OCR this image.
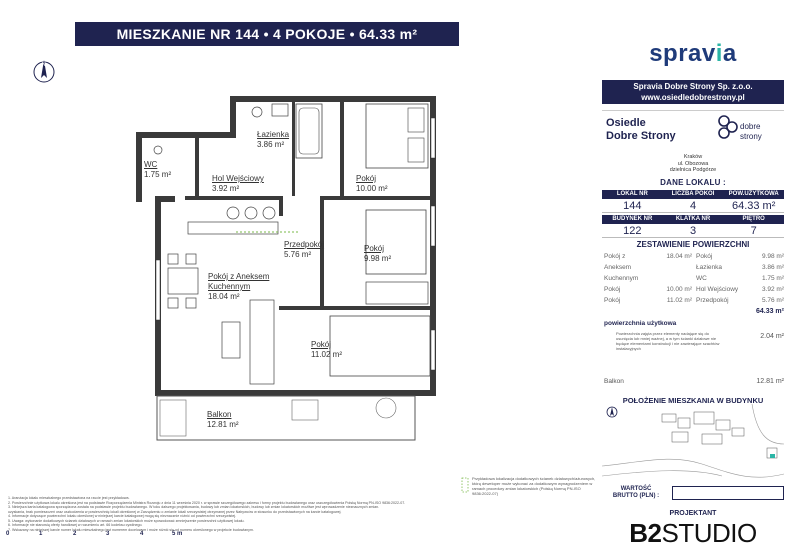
MIESZKANIE NR 144 • 4 POKOJE • 64.33 m²
N
Łazienka
3.86 m²
WC
1.75 m²	Hol Wejściowy
3.92 m²
Pokój
10.00 m²
Przedpokój
5.76 m²
Pokój
9.98 m²
Pokój z Aneksem
Kuchennym
18.04 m²
Pokój
11.02 m²
Balkon
12.81 m²
0	1	2	3	4	5 m
Przykładowa lokalizacja dodatkowych ścianek działowych/ażurowych, którą deweloper może wykonać za dodatkowym wynagrodzeniem w ramach procedury zmian lokatorskich (Polską Normą PN-ISO 9836:2022-07)
1. Aranżacja lokalu mieszkalnego przedstawiona na rzucie jest przykładowa.
2. Powierzchnie użytkowa lokalu określona jest na podstawie Rozporządzenia Ministra Rozwoju z dnia 11 września 2020 r. w sprawie szczegółowego zakresu i formy projektu budowlanego oraz uszczegółowienia Polską Normą PN-ISO 9836:2022-07.
3. Niniejsza karta katalogowa sporządzona została na podstawie projektu budowlanego. W toku dalszego projektowania, budowy lub zmian lokatorskich, budowy lub zmian lokatorskich możliwe jest wprowadzenie nieznacznych zmian.
uzyskania, brak pomieszczeń oraz uszkodzenia w powierzchnię lokali określonej w Zarządzeniu o zmianie lokali rzeczywistej otrzymanej przez Nabywców w stosunku do przedstawionych na karcie katalogowej.
4. Informacje dotyczące powierzchni lokalu określonej w niniejszej karcie katalogowej mogą się nieznacznie różnić od powierzchni rzeczywistej.
5. Uwaga: wykonanie dodatkowych ścianek działowych w ramach zmian lokatorskich może spowodować zmniejszenie powierzchni użytkowej lokalu.
6. Informacje nie stanowią oferty handlowej w rozumieniu art. 66 kodeksu cywilnego.
7. Wskazany na niniejszej karcie numer lokalu mieszkalnego jest numerem docelowym i może różnić się od numeru określonego w projekcie budowlanym.
spravia
Spravia Dobre Strony Sp. z.o.o.
www.osiedledobrestrony.pl
Osiedle
Dobre Strony
dobre
strony
Kraków
ul. Obozowa
dzielnica Podgórze
DANE LOKALU :
LOKAL NR
144
LICZBA POKOI
4
POW.UŻYTKOWA
64.33 m²
BUDYNEK NR
122
KLATKA NR
3
PIĘTRO
7
ZESTAWIENIE POWIERZCHNI
Pokój z Aneksem Kuchennym
18.04 m²
Pokój	10.00 m²
Pokój	11.02 m²
Pokój	9.98 m²
Łazienka	3.86 m²
WC	1.75 m²
Hol Wejściowy	3.92 m²
Przedpokój	5.76 m²
64.33 m²
powierzchnia użytkowa
Powierzchnia zajęta przez elementy nadające się do usunięcia lub mniej ważnej, a w tym ścianki działowe nie będące elementami konstrukcji i nie zawierające szachtów instalacyjnych
2.04 m²
Balkon	12.81 m²
POŁOŻENIE MIESZKANIA W BUDYNKU
WARTOŚĆ
BRUTTO (PLN) :
PROJEKTANT
B2STUDIO
